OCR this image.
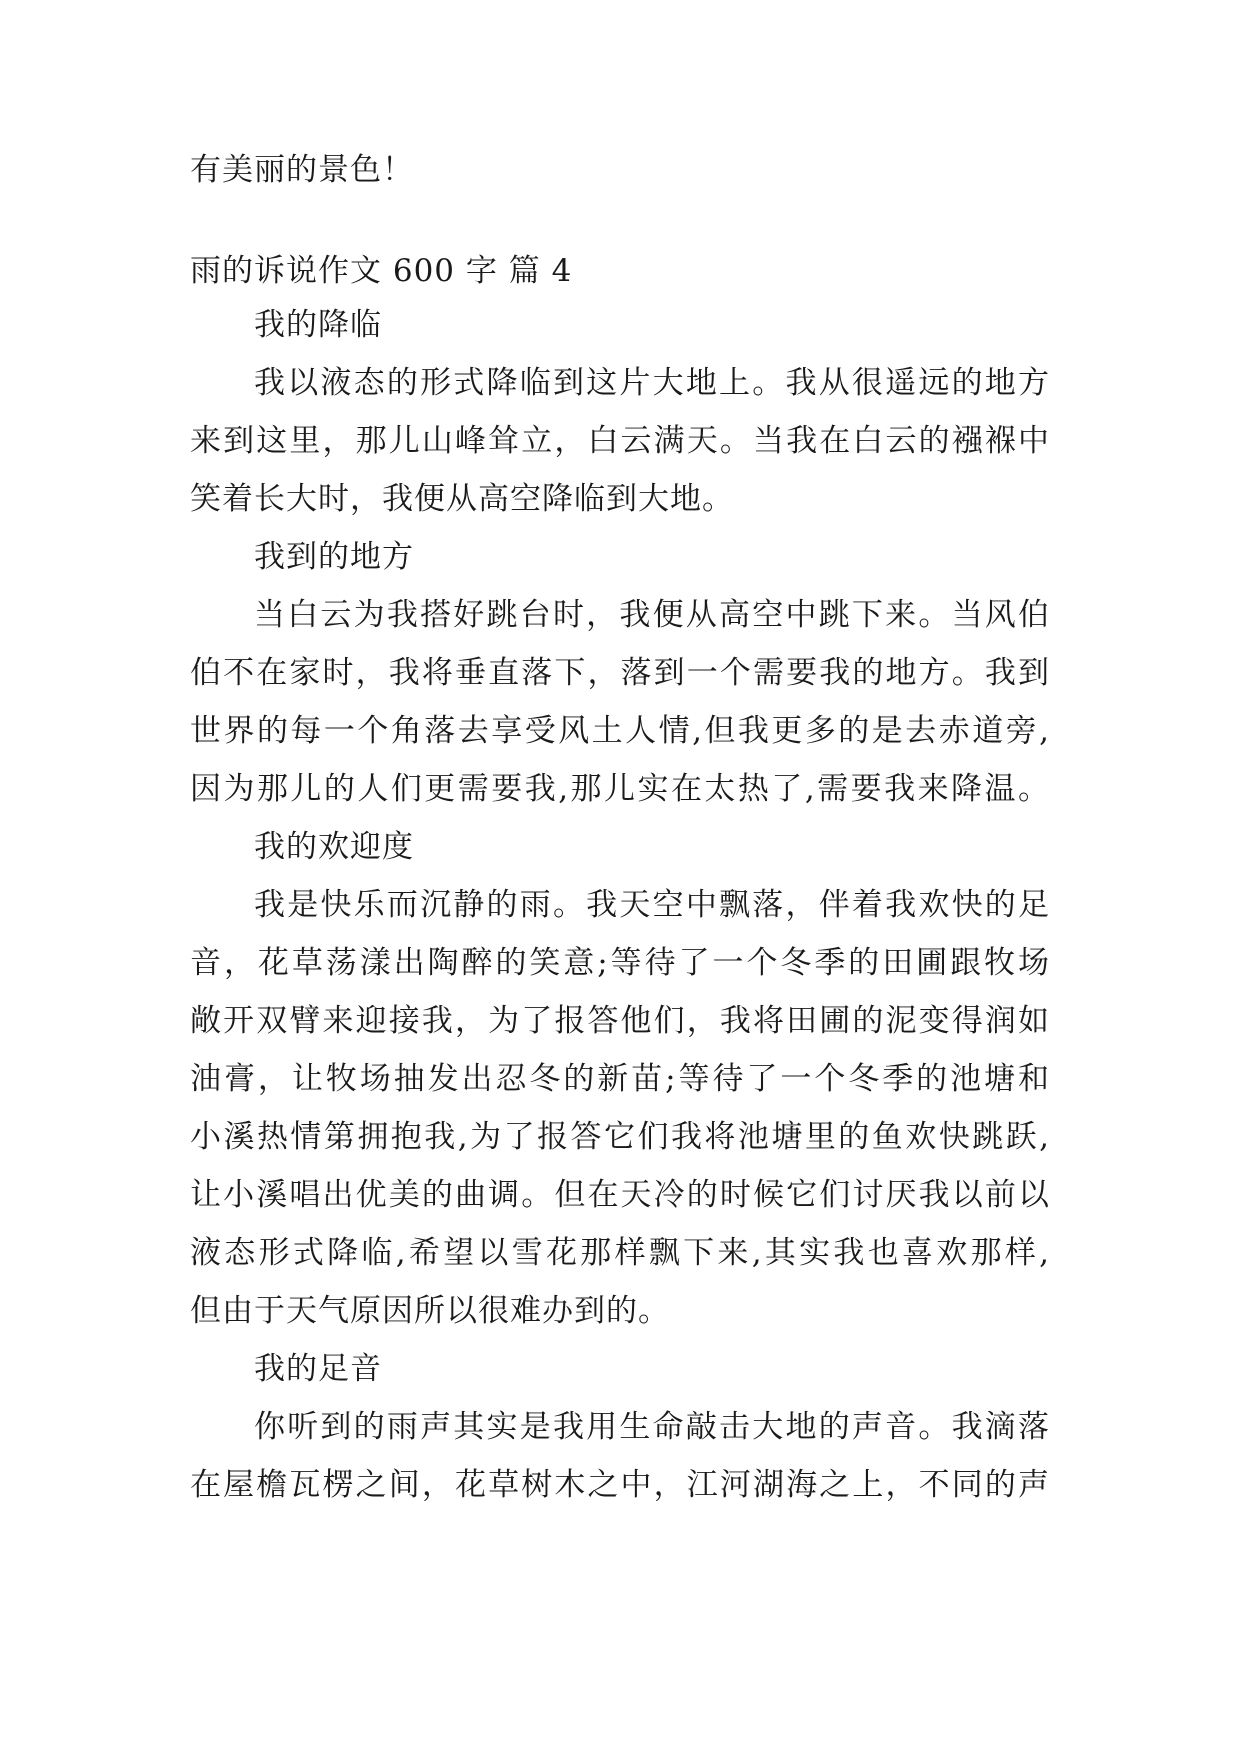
有美丽的景色！
雨的诉说作文 600 字 篇 4
我的降临
我以液态的形式降临到这片大地上。我从很遥远的地方
来到这里，那儿山峰耸立，白云满天。当我在白云的襁褓中
笑着长大时，我便从高空降临到大地。
我到的地方
当白云为我搭好跳台时，我便从高空中跳下来。当风伯
伯不在家时，我将垂直落下，落到一个需要我的地方。我到
世界的每一个角落去享受风土人情,但我更多的是去赤道旁,
因为那儿的人们更需要我,那儿实在太热了,需要我来降温。
我的欢迎度
我是快乐而沉静的雨。我天空中飘落，伴着我欢快的足
音，花草荡漾出陶醉的笑意;等待了一个冬季的田圃跟牧场
敞开双臂来迎接我，为了报答他们，我将田圃的泥变得润如
油膏，让牧场抽发出忍冬的新苗;等待了一个冬季的池塘和
小溪热情第拥抱我,为了报答它们我将池塘里的鱼欢快跳跃,
让小溪唱出优美的曲调。但在天冷的时候它们讨厌我以前以
液态形式降临,希望以雪花那样飘下来,其实我也喜欢那样,
但由于天气原因所以很难办到的。
我的足音
你听到的雨声其实是我用生命敲击大地的声音。我滴落
在屋檐瓦楞之间，花草树木之中，江河湖海之上，不同的声
